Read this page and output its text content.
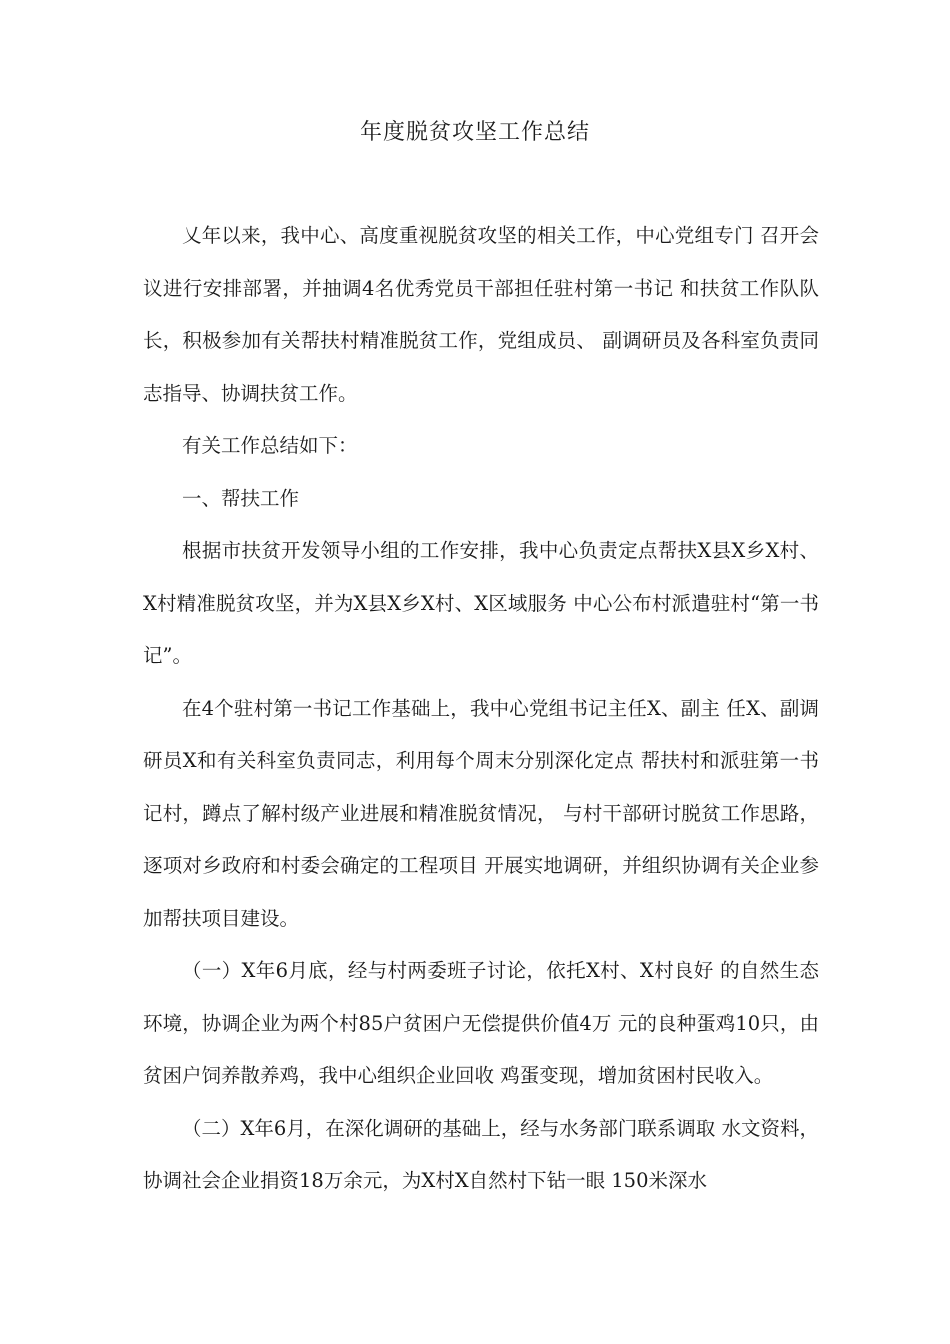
年度脱贫攻坚工作总结

乂年以来，我中心、高度重视脱贫攻坚的相关工作，中心党组专门 召开会议进行安排部署，并抽调4名优秀党员干部担任驻村第一书记 和扶贫工作队队长，积极参加有关帮扶村精准脱贫工作，党组成员、 副调研员及各科室负责同志指导、协调扶贫工作。

有关工作总结如下：

一、帮扶工作

根据市扶贫开发领导小组的工作安排，我中心负责定点帮扶X县X乡X村、X村精准脱贫攻坚，并为X县X乡X村、X区域服务 中心公布村派遣驻村“第一书记”。

在4个驻村第一书记工作基础上，我中心党组书记主任X、副主 任X、副调研员X和有关科室负责同志，利用每个周末分别深化定点 帮扶村和派驻第一书记村，蹲点了解村级产业进展和精准脱贫情况， 与村干部研讨脱贫工作思路，逐项对乡政府和村委会确定的工程项目 开展实地调研，并组织协调有关企业参加帮扶项目建设。

（一）X年6月底，经与村两委班子讨论，依托X村、X村良好 的自然生态环境，协调企业为两个村85户贫困户无偿提供价值4万 元的良种蛋鸡10只，由贫困户饲养散养鸡，我中心组织企业回收 鸡蛋变现，增加贫困村民收入。

（二）X年6月，在深化调研的基础上，经与水务部门联系调取 水文资料，协调社会企业捐资18万余元，为X村X自然村下钻一眼 150米深水
